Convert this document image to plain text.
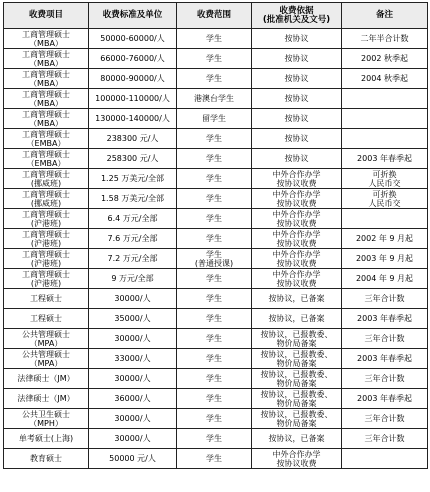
收费项目	收费标准及单位	收费范围	收费依据
(批准机关及文号)	备注
工商管理硕士
（MBA）	50000-60000/人	学生	按协议	二年半合计数
工商管理硕士
（MBA）	66000-76000/人	学生	按协议	2002 秋季起
工商管理硕士
（MBA）	80000-90000/人	学生	按协议	2004 秋季起
工商管理硕士
（MBA）	100000-110000/人	港澳台学生	按协议	
工商管理硕士
（MBA）	130000-140000/人	留学生	按协议	
工商管理硕士
（EMBA）	238300 元/人	学生	按协议	
工商管理硕士
（EMBA）	258300 元/人	学生	按协议	2003 年春季起
工商管理硕士
(挪威班)	1.25 万美元/全部	学生	中外合作办学
按协议收费	可折换
人民币交
工商管理硕士
(挪威班)	1.58 万美元/全部	学生	中外合作办学
按协议收费	可折换
人民币交
工商管理硕士
(沪港班)	6.4 万元/全部	学生	中外合作办学
按协议收费	
工商管理硕士
(沪港班)	7.6 万元/全部	学生	中外合作办学
按协议收费	2002 年 9 月起
工商管理硕士
(沪港班)	7.2 万元/全部	学生
(普通授课)	中外合作办学
按协议收费	2003 年 9 月起
工商管理硕士
(沪港班)	9 万元/全部	学生	中外合作办学
按协议收费	2004 年 9 月起
工程硕士	30000/人	学生	按协议，已备案	三年合计数
工程硕士	35000/人	学生	按协议，已备案	2003 年春季起
公共管理硕士
（MPA）	30000/人	学生	按协议，已报教委、
物价局备案	三年合计数
公共管理硕士
（MPA）	33000/人	学生	按协议，已报教委、
物价局备案	2003 年春季起
法律硕士（JM）	30000/人	学生	按协议，已报教委、
物价局备案	三年合计数
法律硕士（JM）	36000/人	学生	按协议，已报教委、
物价局备案	2003 年春季起
公共卫生硕士
（MPH）	30000/人	学生	按协议，已报教委、
物价局备案	三年合计数
单考硕士(上海)	30000/人	学生	按协议，已备案	三年合计数
教育硕士	50000 元/人	学生	中外合作办学
按协议收费	
